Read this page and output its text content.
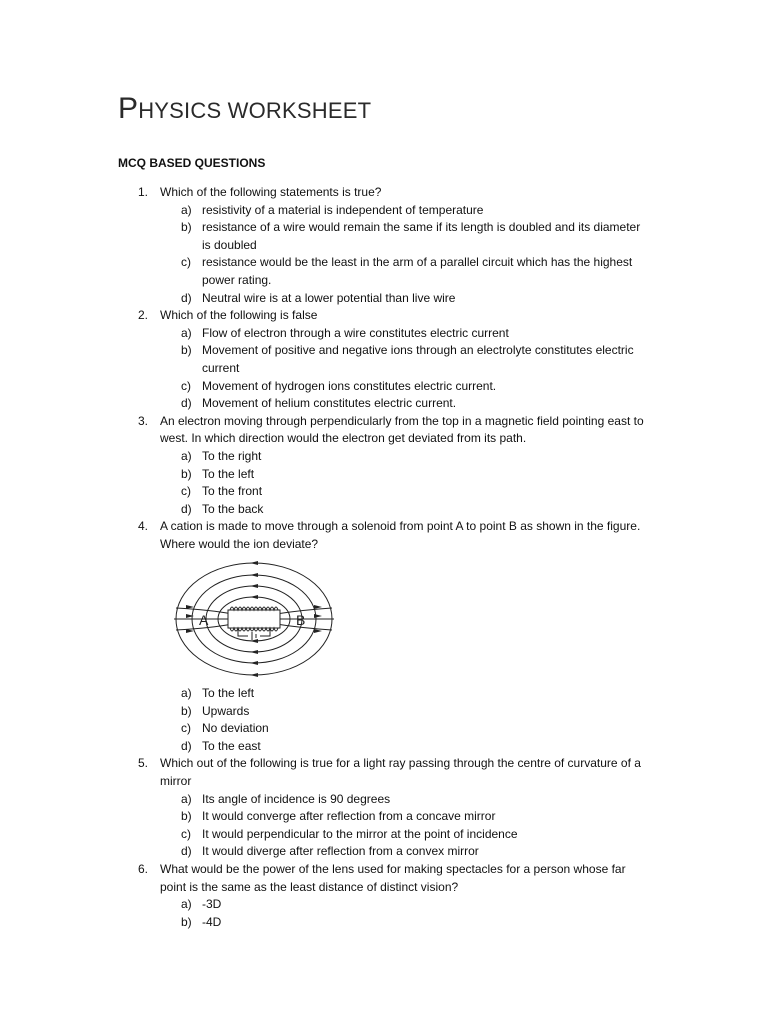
PHYSICS WORKSHEET
MCQ BASED QUESTIONS
1. Which of the following statements is true?
a) resistivity of a material is independent of temperature
b) resistance of a wire would remain the same if its length is doubled and its diameter
is doubled
c) resistance would be the least in the arm of a parallel circuit which has the highest
power rating.
d) Neutral wire is at a lower potential than live wire
2. Which of the following is false
a) Flow of electron through a wire constitutes electric current
b) Movement of positive and negative ions through an electrolyte constitutes electric
current
c) Movement of hydrogen ions constitutes electric current.
d) Movement of helium constitutes electric current.
3. An electron moving through perpendicularly from the top in a magnetic field pointing east to
west. In which direction would the electron get deviated from its path.
a) To the right
b) To the left
c) To the front
d) To the back
4. A cation is made to move through a solenoid from point A to point B as shown in the figure.
Where would the ion deviate?
a) To the left
b) Upwards
c) No deviation
d) To the east
5. Which out of the following is true for a light ray passing through the centre of curvature of a
mirror
a) Its angle of incidence is 90 degrees
b) It would converge after reflection from a concave mirror
c) It would perpendicular to the mirror at the point of incidence
d) It would diverge after reflection from a convex mirror
6. What would be the power of the lens used for making spectacles for a person whose far
point is the same as the least distance of distinct vision?
a) -3D
b) -4D
A	B
